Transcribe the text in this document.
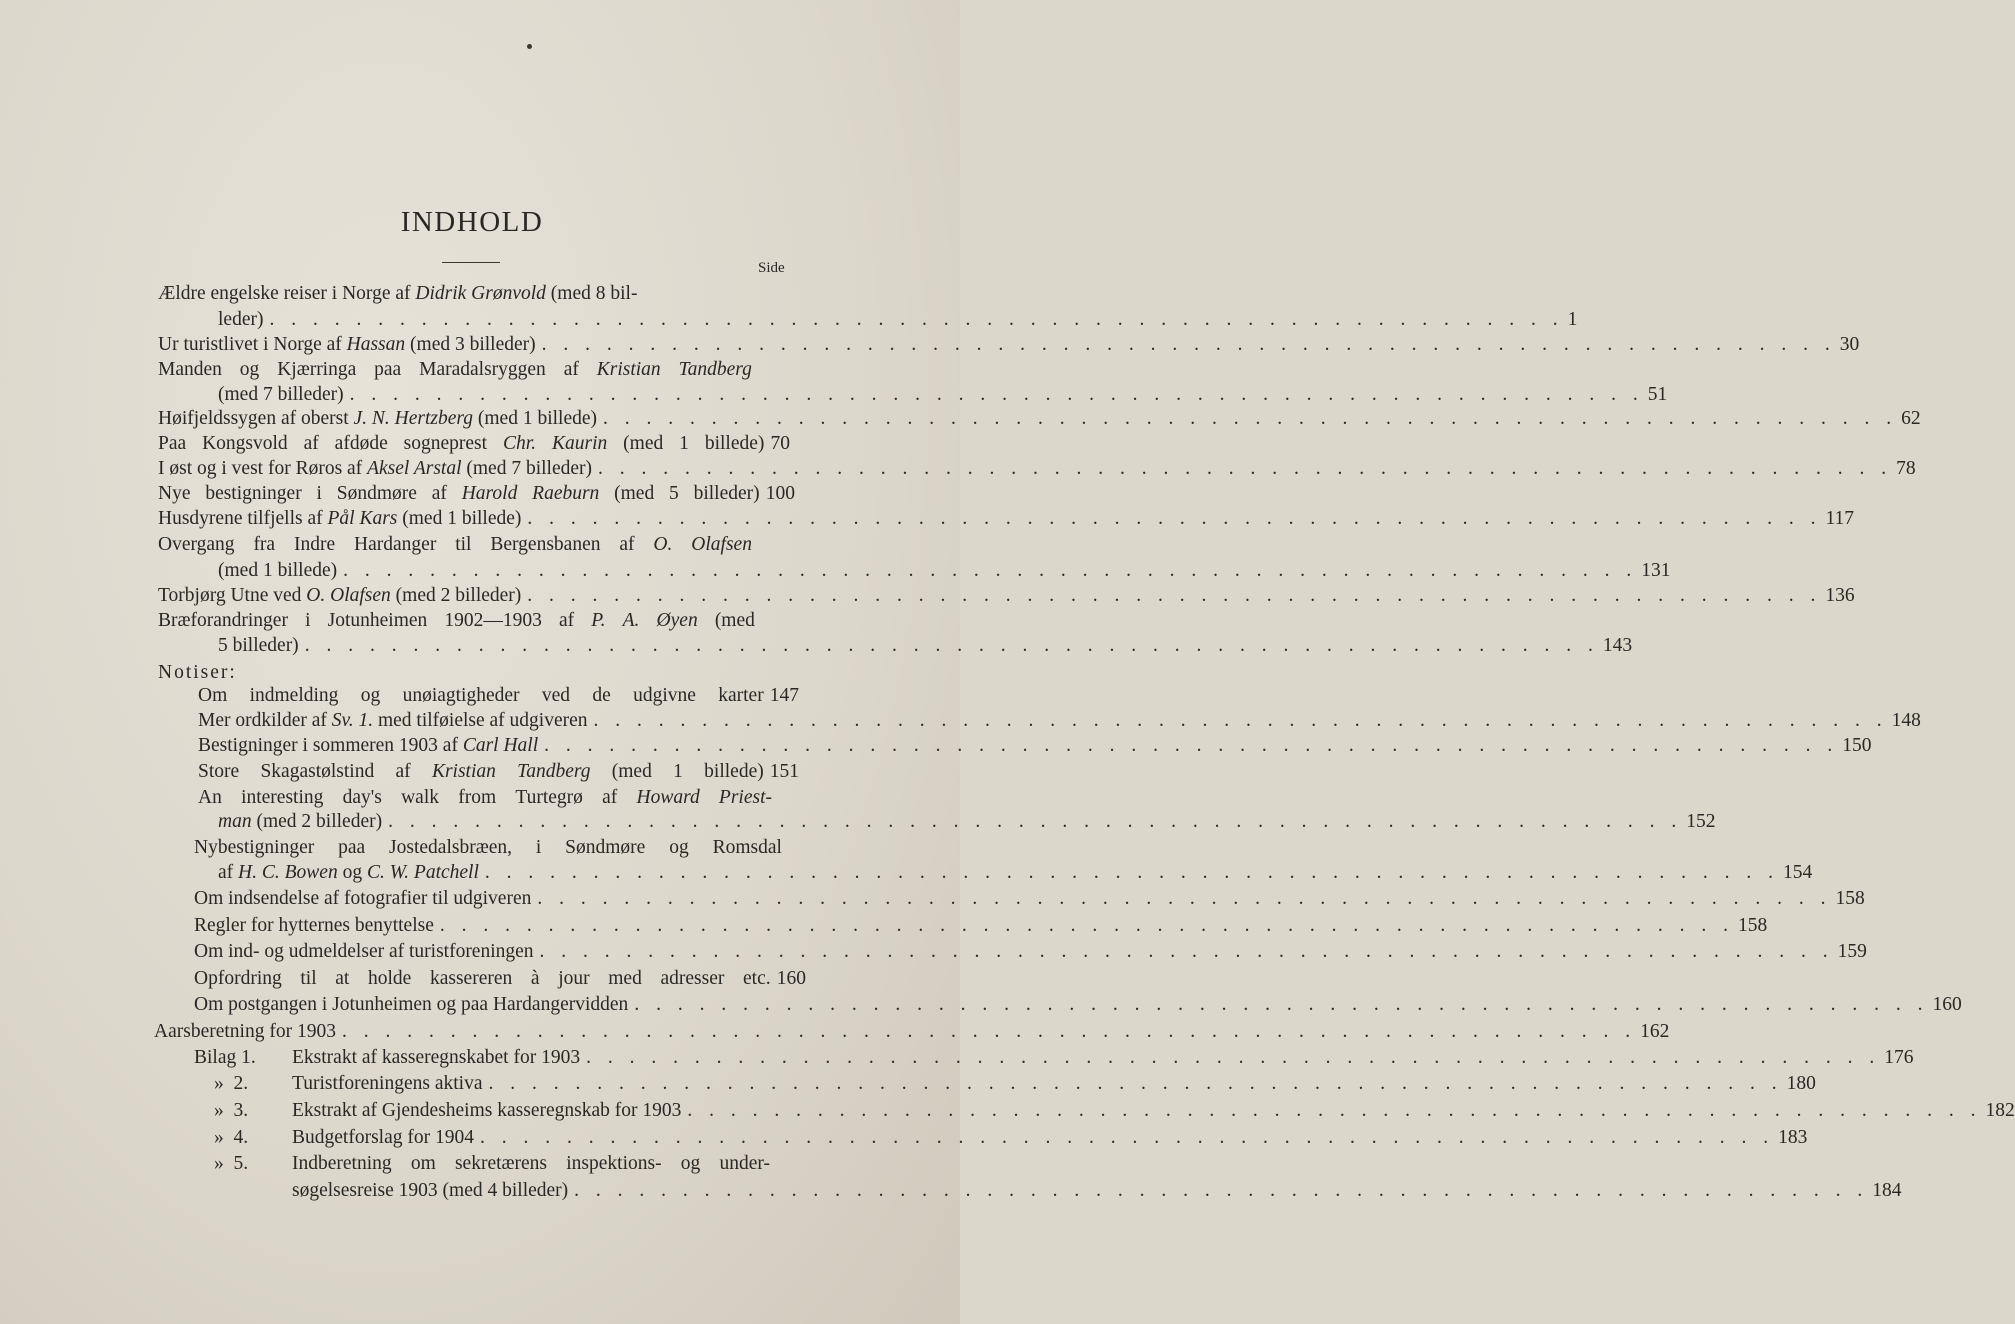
INDHOLD
Side
Ældre engelske reiser i Norge af Didrik Grønvold (med 8 bil-
leder) . . . . . . . . . . . . . . . . . . . . . . . . . . . . . . . . . . . . . . . . . . . . . . . . . . . . . . . . . . . . 1
Ur turistlivet i Norge af Hassan (med 3 billeder) . . . . . . . . . . . . . . . . . . . . . . . . . . . . . . . . . . . . . . . . . . . . . . . . . . . . . . . . . . . . 30
Manden og Kjærringa paa Maradalsryggen af Kristian Tandberg
(med 7 billeder) . . . . . . . . . . . . . . . . . . . . . . . . . . . . . . . . . . . . . . . . . . . . . . . . . . . . . . . . . . . . 51
Høifjeldssygen af oberst J. N. Hertzberg (med 1 billede) . . . . . . . . . . . . . . . . . . . . . . . . . . . . . . . . . . . . . . . . . . . . . . . . . . . . . . . . . . . . 62
Paa Kongsvold af afdøde sogneprest Chr. Kaurin (med 1 billede) 70
I øst og i vest for Røros af Aksel Arstal (med 7 billeder) . . . . . . . . . . . . . . . . . . . . . . . . . . . . . . . . . . . . . . . . . . . . . . . . . . . . . . . . . . . . 78
Nye bestigninger i Søndmøre af Harold Raeburn (med 5 billeder) 100
Husdyrene tilfjells af Pål Kars (med 1 billede) . . . . . . . . . . . . . . . . . . . . . . . . . . . . . . . . . . . . . . . . . . . . . . . . . . . . . . . . . . . . 117
Overgang fra Indre Hardanger til Bergensbanen af O. Olafsen
(med 1 billede) . . . . . . . . . . . . . . . . . . . . . . . . . . . . . . . . . . . . . . . . . . . . . . . . . . . . . . . . . . . . 131
Torbjørg Utne ved O. Olafsen (med 2 billeder) . . . . . . . . . . . . . . . . . . . . . . . . . . . . . . . . . . . . . . . . . . . . . . . . . . . . . . . . . . . . 136
Bræforandringer i Jotunheimen 1902—1903 af P. A. Øyen (med
5 billeder) . . . . . . . . . . . . . . . . . . . . . . . . . . . . . . . . . . . . . . . . . . . . . . . . . . . . . . . . . . . . 143
Notiser:
Om indmelding og unøiagtigheder ved de udgivne karter 147
Mer ordkilder af Sv. 1. med tilføielse af udgiveren . . . . . . . . . . . . . . . . . . . . . . . . . . . . . . . . . . . . . . . . . . . . . . . . . . . . . . . . . . . . 148
Bestigninger i sommeren 1903 af Carl Hall . . . . . . . . . . . . . . . . . . . . . . . . . . . . . . . . . . . . . . . . . . . . . . . . . . . . . . . . . . . . 150
Store Skagastølstind af Kristian Tandberg (med 1 billede) 151
An interesting day's walk from Turtegrø af Howard Priest-
man (med 2 billeder) . . . . . . . . . . . . . . . . . . . . . . . . . . . . . . . . . . . . . . . . . . . . . . . . . . . . . . . . . . . . 152
Nybestigninger paa Jostedalsbræen, i Søndmøre og Romsdal
af H. C. Bowen og C. W. Patchell . . . . . . . . . . . . . . . . . . . . . . . . . . . . . . . . . . . . . . . . . . . . . . . . . . . . . . . . . . . . 154
Om indsendelse af fotografier til udgiveren . . . . . . . . . . . . . . . . . . . . . . . . . . . . . . . . . . . . . . . . . . . . . . . . . . . . . . . . . . . . 158
Regler for hytternes benyttelse . . . . . . . . . . . . . . . . . . . . . . . . . . . . . . . . . . . . . . . . . . . . . . . . . . . . . . . . . . . . 158
Om ind- og udmeldelser af turistforeningen . . . . . . . . . . . . . . . . . . . . . . . . . . . . . . . . . . . . . . . . . . . . . . . . . . . . . . . . . . . . 159
Opfordring til at holde kassereren à jour med adresser etc. 160
Om postgangen i Jotunheimen og paa Hardangervidden . . . . . . . . . . . . . . . . . . . . . . . . . . . . . . . . . . . . . . . . . . . . . . . . . . . . . . . . . . . . 160
Aarsberetning for 1903 . . . . . . . . . . . . . . . . . . . . . . . . . . . . . . . . . . . . . . . . . . . . . . . . . . . . . . . . . . . . 162
Bilag 1.	Ekstrakt af kasseregnskabet for 1903 . . . . . . . . . . . . . . . . . . . . . . . . . . . . . . . . . . . . . . . . . . . . . . . . . . . . . . . . . . . . 176
»  2.	Turistforeningens aktiva . . . . . . . . . . . . . . . . . . . . . . . . . . . . . . . . . . . . . . . . . . . . . . . . . . . . . . . . . . . . 180
»  3.	Ekstrakt af Gjendesheims kasseregnskab for 1903 . . . . . . . . . . . . . . . . . . . . . . . . . . . . . . . . . . . . . . . . . . . . . . . . . . . . . . . . . . . . 182
»  4.	Budgetforslag for 1904 . . . . . . . . . . . . . . . . . . . . . . . . . . . . . . . . . . . . . . . . . . . . . . . . . . . . . . . . . . . . 183
»  5.	Indberetning om sekretærens inspektions- og under-
søgelsesreise 1903 (med 4 billeder) . . . . . . . . . . . . . . . . . . . . . . . . . . . . . . . . . . . . . . . . . . . . . . . . . . . . . . . . . . . . 184
